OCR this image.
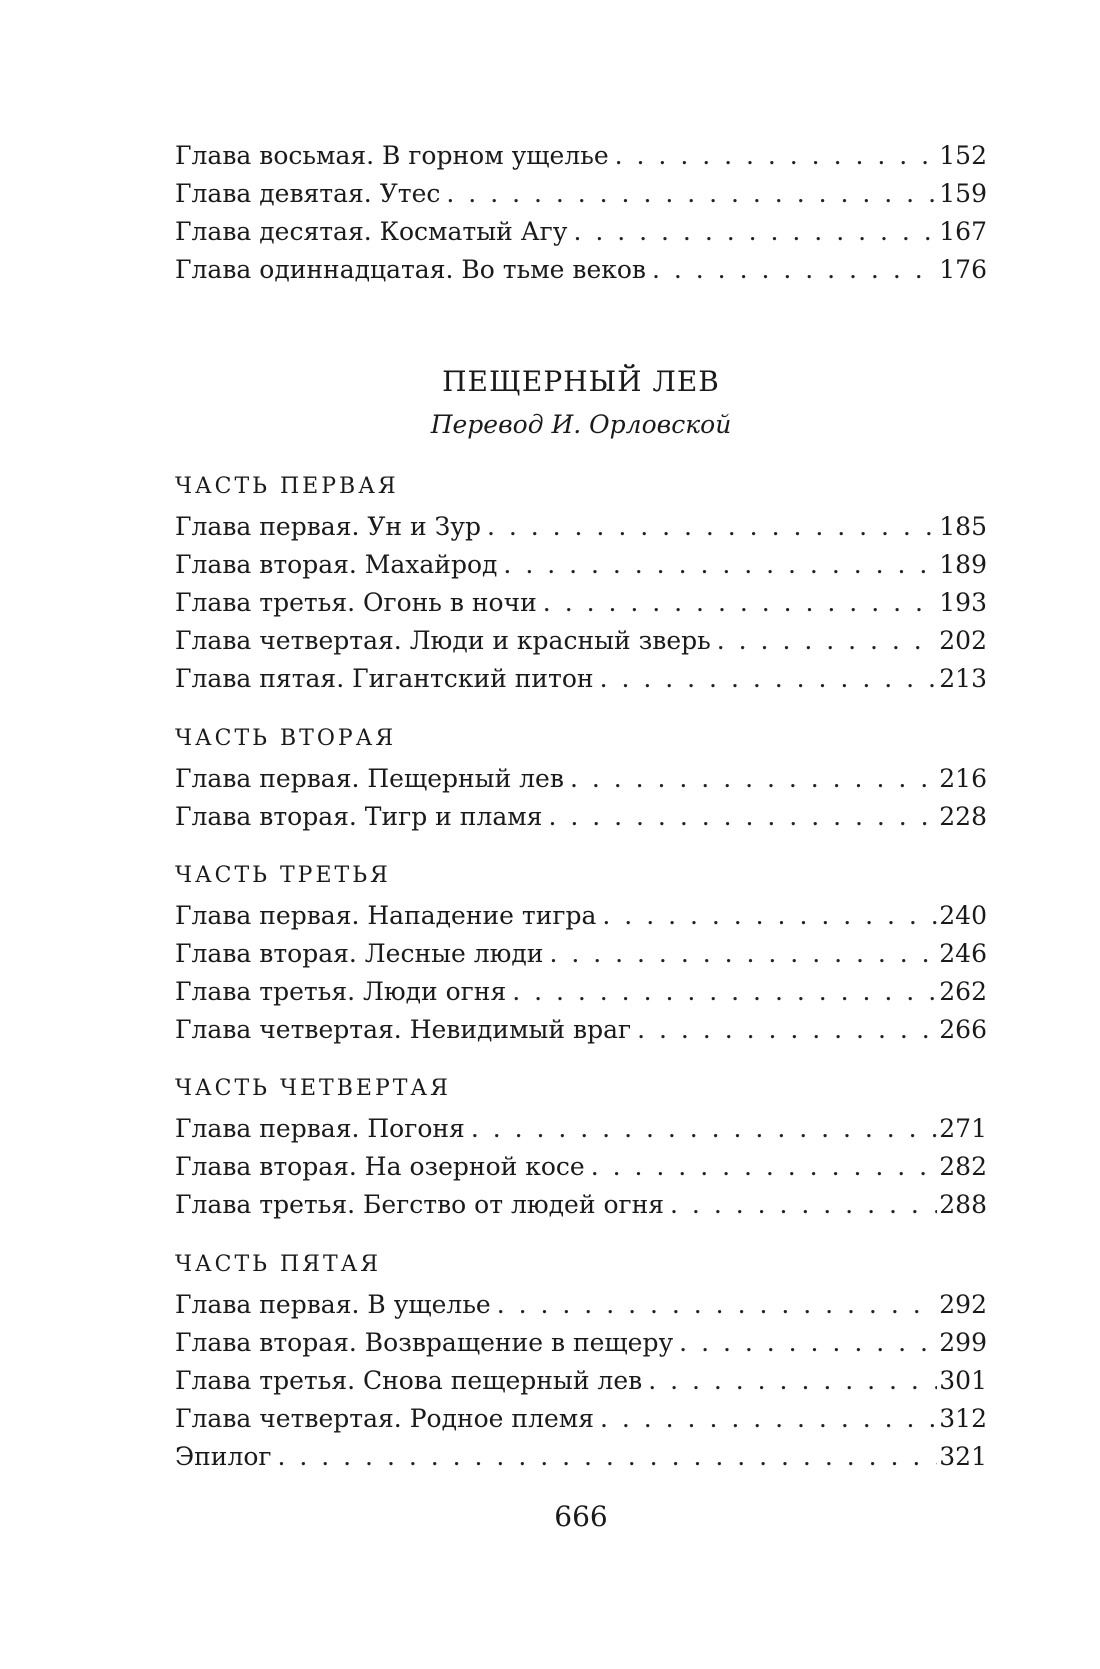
Глава восьмая. В горном ущелье . . .	152
Глава девятая. Утес . . .	159
Глава десятая. Косматый Агу . . .	167
Глава одиннадцатая. Во тьме веков . . .	176
ПЕЩЕРНЫЙ ЛЕВ
Перевод И. Орловской
ЧАСТЬ ПЕРВАЯ
Глава первая. Ун и Зур . . .	185
Глава вторая. Махайрод . . .	189
Глава третья. Огонь в ночи . . .	193
Глава четвертая. Люди и красный зверь . . .	202
Глава пятая. Гигантский питон . . .	213
ЧАСТЬ ВТОРАЯ
Глава первая. Пещерный лев . . .	216
Глава вторая. Тигр и пламя . . .	228
ЧАСТЬ ТРЕТЬЯ
Глава первая. Нападение тигра . . .	240
Глава вторая. Лесные люди . . .	246
Глава третья. Люди огня . . .	262
Глава четвертая. Невидимый враг . . .	266
ЧАСТЬ ЧЕТВЕРТАЯ
Глава первая. Погоня . . .	271
Глава вторая. На озерной косе . . .	282
Глава третья. Бегство от людей огня . . .	288
ЧАСТЬ ПЯТАЯ
Глава первая. В ущелье . . .	292
Глава вторая. Возвращение в пещеру . . .	299
Глава третья. Снова пещерный лев . . .	301
Глава четвертая. Родное племя . . .	312
Эпилог . . .	321
666
